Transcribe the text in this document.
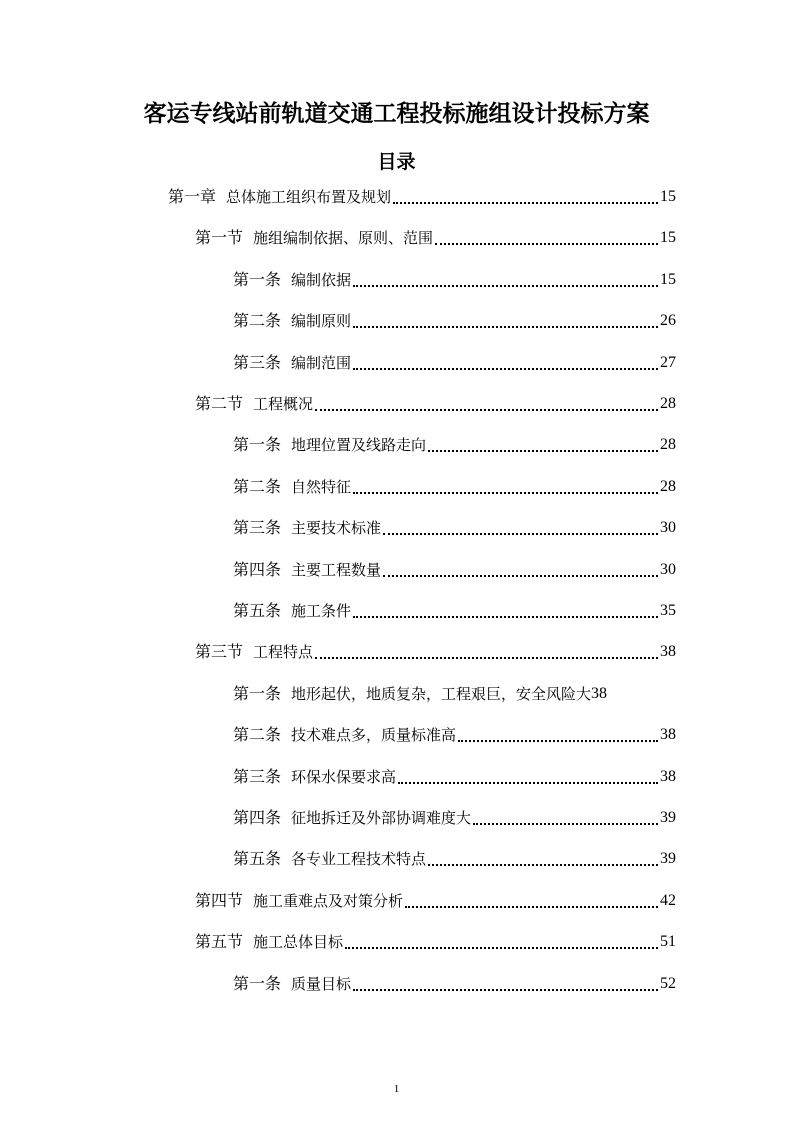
客运专线站前轨道交通工程投标施组设计投标方案
目录
第一章 总体施工组织布置及规划	15
第一节 施组编制依据、原则、范围	15
第一条 编制依据	15
第二条 编制原则	26
第三条 编制范围	27
第二节 工程概况	28
第一条 地理位置及线路走向	28
第二条 自然特征	28
第三条 主要技术标准	30
第四条 主要工程数量	30
第五条 施工条件	35
第三节 工程特点	38
第一条 地形起伏，地质复杂，工程艰巨，安全风险大 38
第二条 技术难点多，质量标准高	38
第三条 环保水保要求高	38
第四条 征地拆迁及外部协调难度大	39
第五条 各专业工程技术特点	39
第四节 施工重难点及对策分析	42
第五节 施工总体目标	51
第一条 质量目标	52
1
